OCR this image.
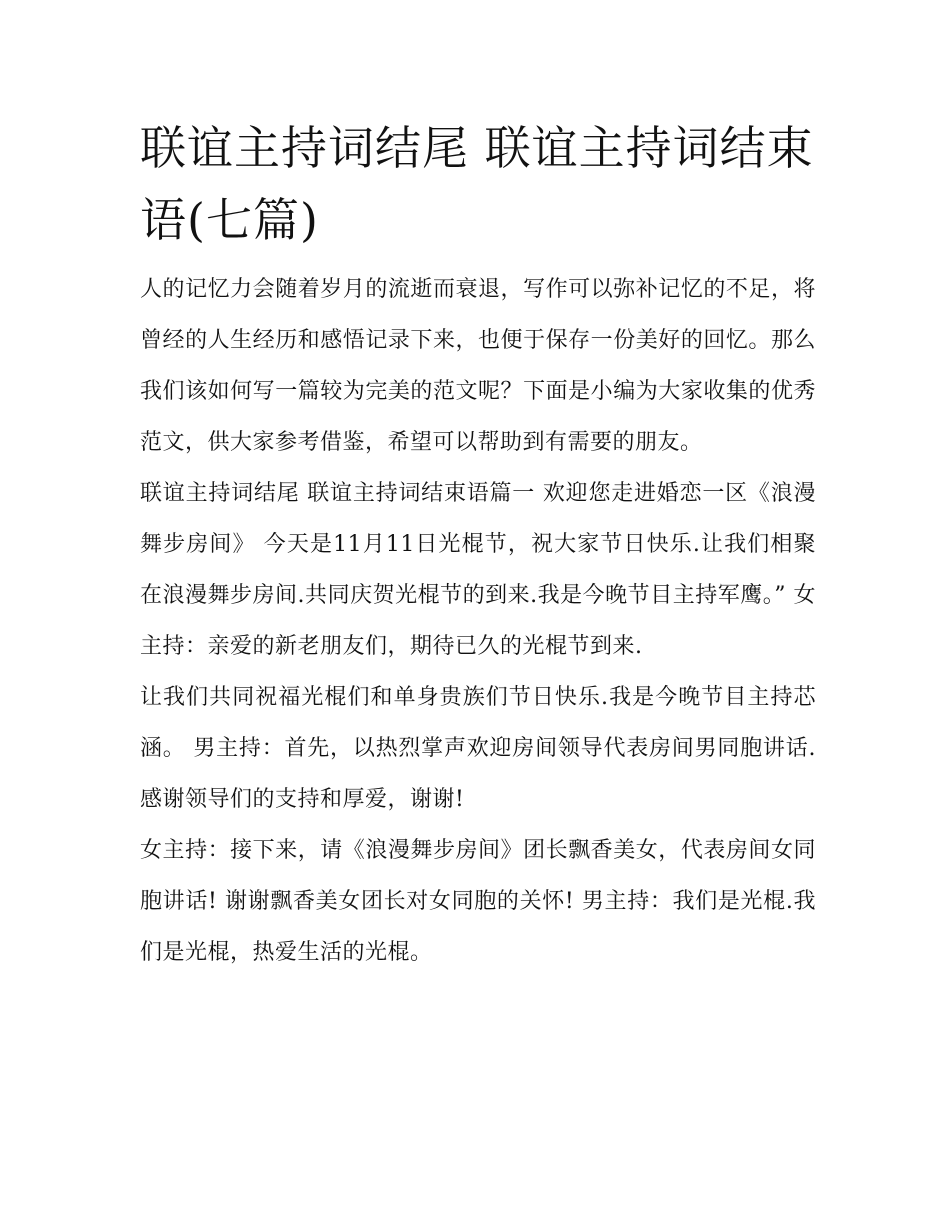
联谊主持词结尾 联谊主持词结束语(七篇)

人的记忆力会随着岁月的流逝而衰退，写作可以弥补记忆的不足，将曾经的人生经历和感悟记录下来，也便于保存一份美好的回忆。那么我们该如何写一篇较为完美的范文呢？下面是小编为大家收集的优秀范文，供大家参考借鉴，希望可以帮助到有需要的朋友。

联谊主持词结尾 联谊主持词结束语篇一 欢迎您走进婚恋一区《浪漫舞步房间》 今天是11月11日光棍节，祝大家节日快乐.让我们相聚在浪漫舞步房间.共同庆贺光棍节的到来.我是今晚节目主持军鹰。” 女主持：亲爱的新老朋友们，期待已久的光棍节到来.

让我们共同祝福光棍们和单身贵族们节日快乐.我是今晚节目主持芯涵。 男主持：首先，以热烈掌声欢迎房间领导代表房间男同胞讲话.感谢领导们的支持和厚爱，谢谢!

女主持：接下来，请《浪漫舞步房间》团长飘香美女，代表房间女同胞讲话! 谢谢飘香美女团长对女同胞的关怀! 男主持：我们是光棍.我们是光棍，热爱生活的光棍。
